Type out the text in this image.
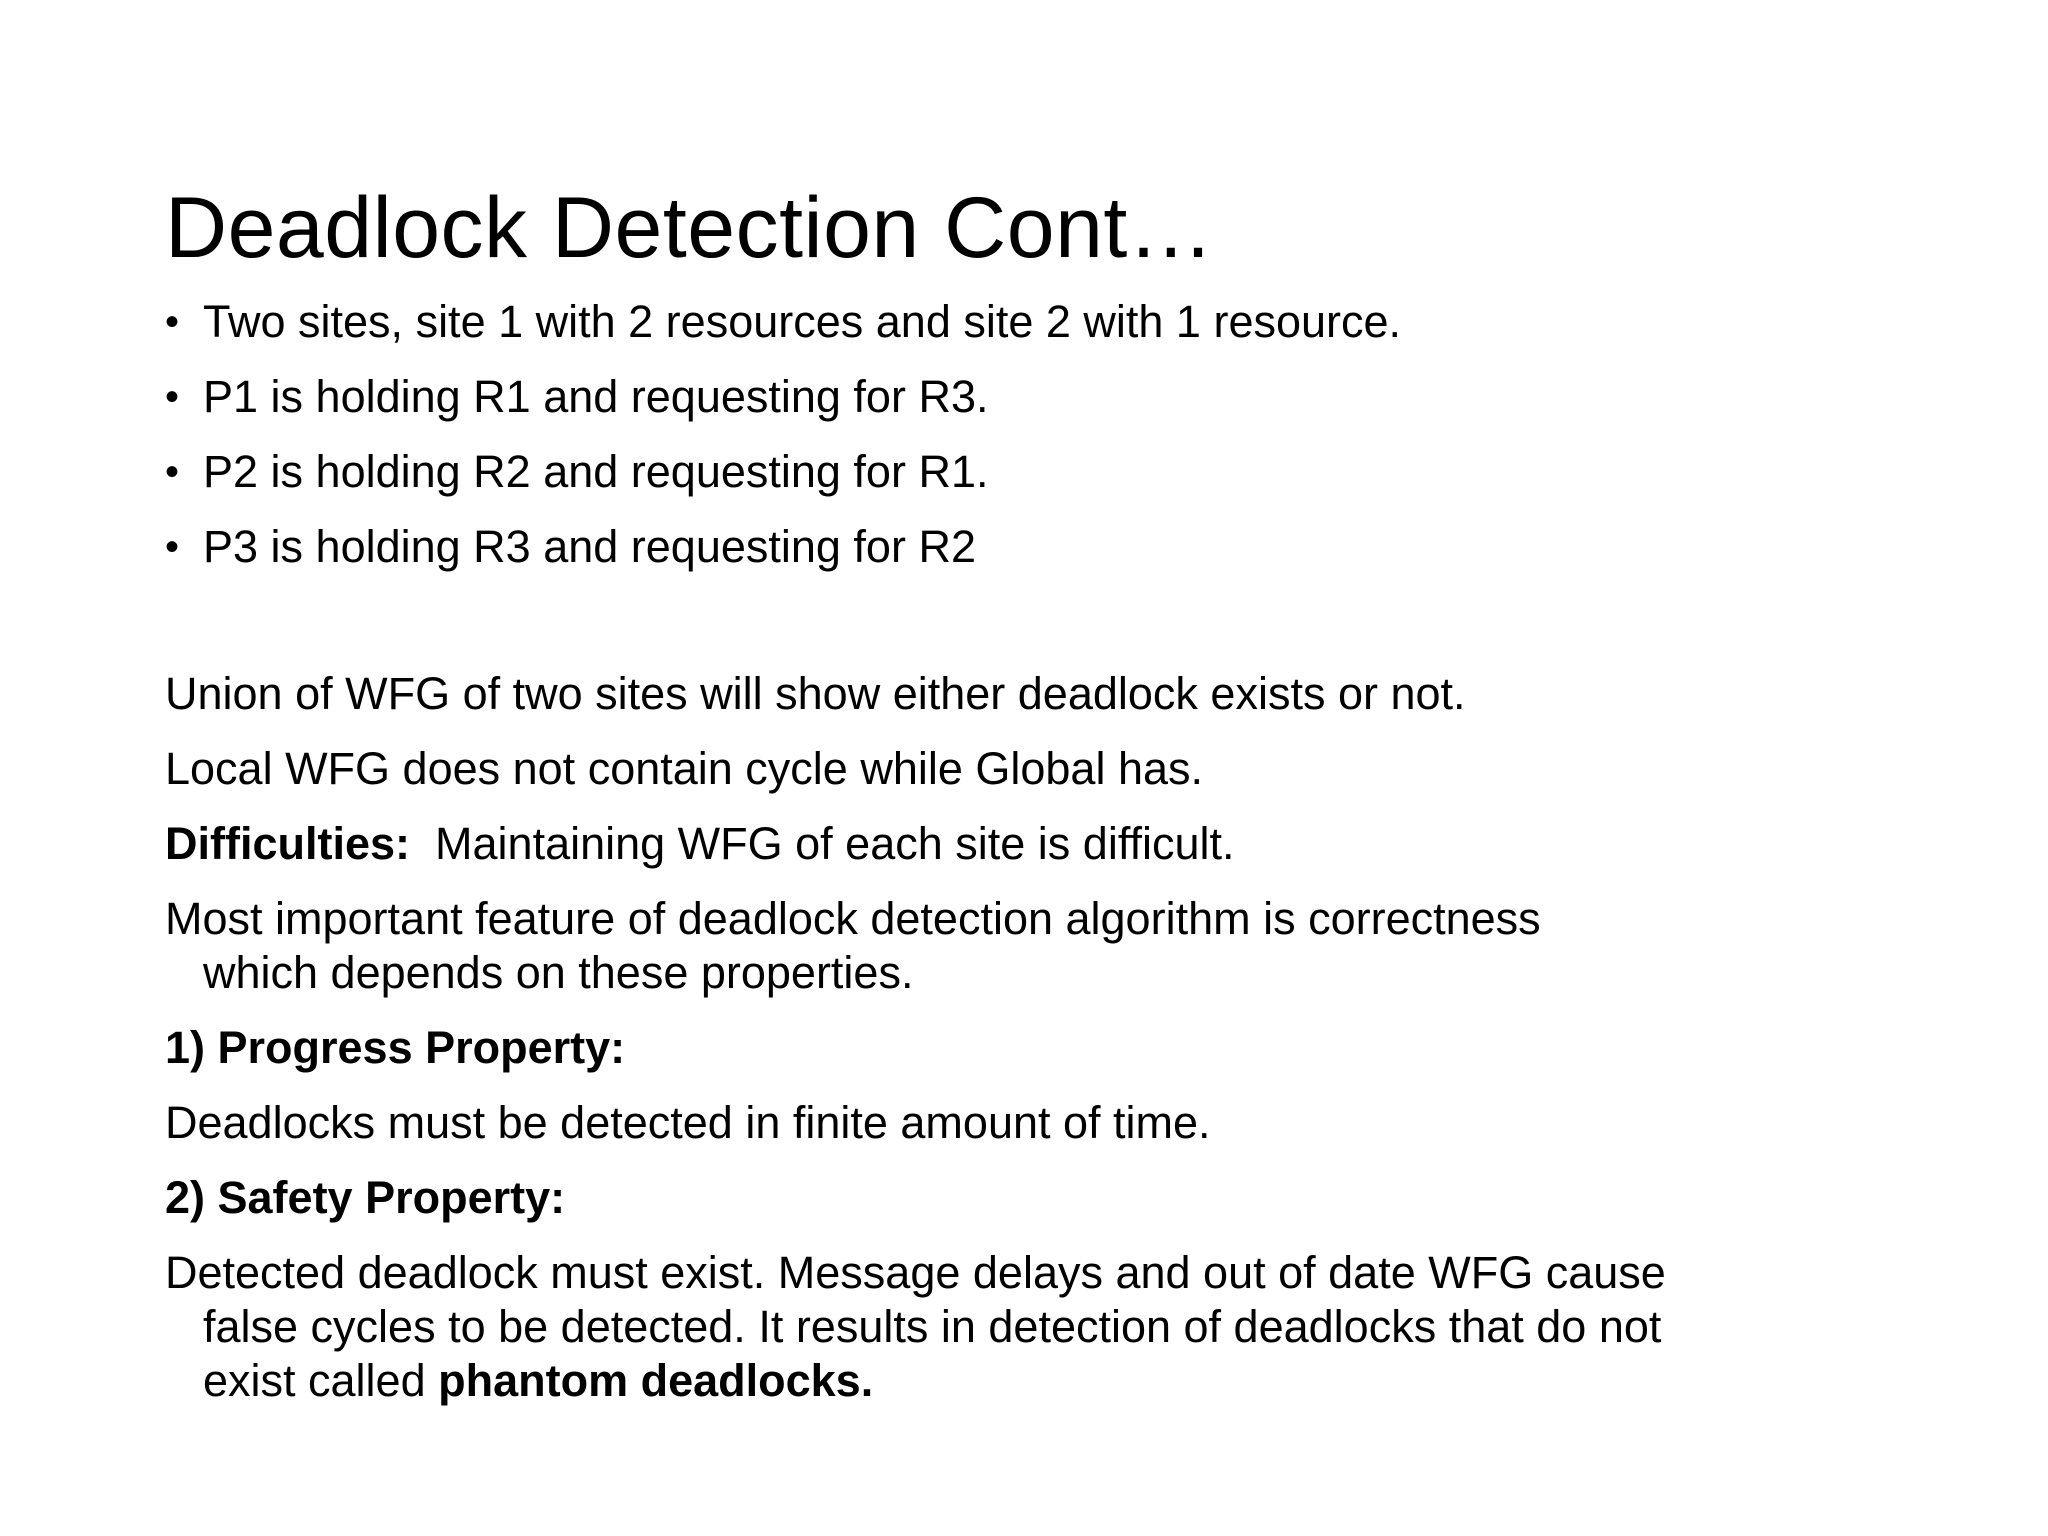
Deadlock Detection Cont…
• Two sites, site 1 with 2 resources and site 2 with 1 resource.
• P1 is holding R1 and requesting for R3.
• P2 is holding R2 and requesting for R1.
• P3 is holding R3 and requesting for R2
Union of WFG of two sites will show either deadlock exists or not.
Local WFG does not contain cycle while Global has.
Difficulties:  Maintaining WFG of each site is difficult.
Most important feature of deadlock detection algorithm is correctness which depends on these properties.
1) Progress Property:
Deadlocks must be detected in finite amount of time.
2) Safety Property:
Detected deadlock must exist. Message delays and out of date WFG cause false cycles to be detected. It results in detection of deadlocks that do not exist called phantom deadlocks.
